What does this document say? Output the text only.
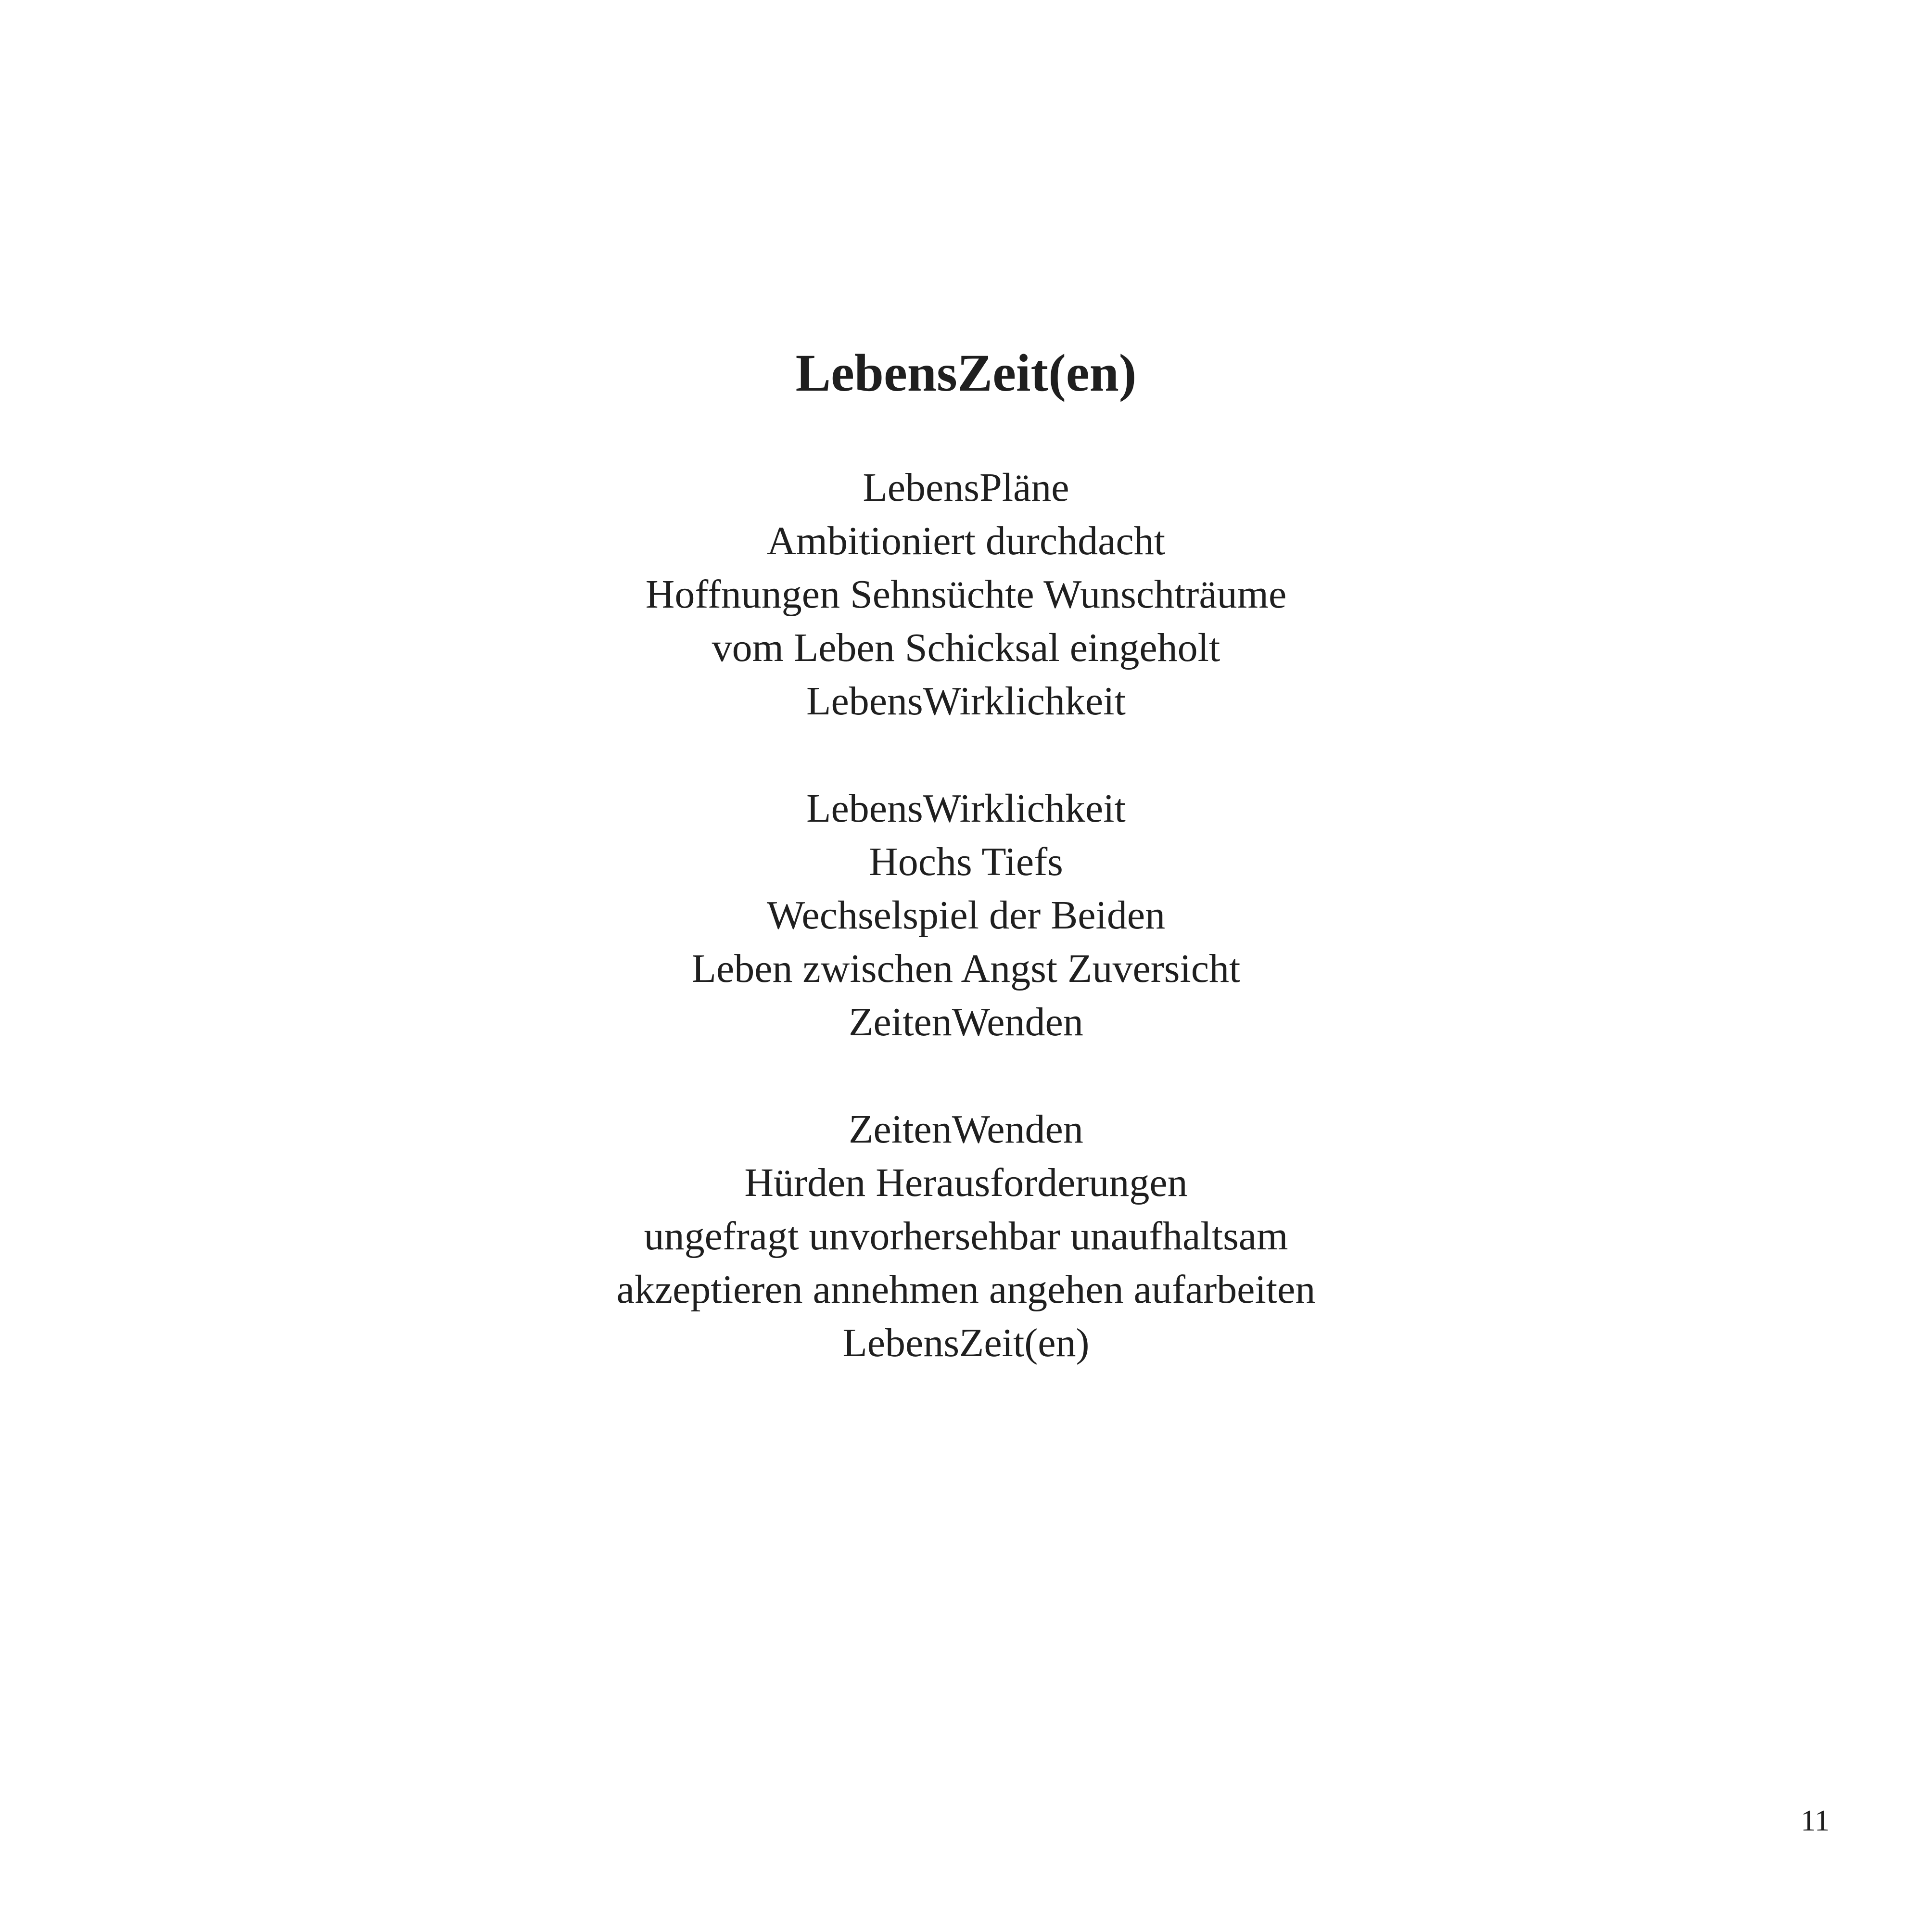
LebensZeit(en)
LebensPläne
Ambitioniert durchdacht
Hoffnungen Sehnsüchte Wunschträume
vom Leben Schicksal eingeholt
LebensWirklichkeit
LebensWirklichkeit
Hochs Tiefs
Wechselspiel der Beiden
Leben zwischen Angst Zuversicht
ZeitenWenden
ZeitenWenden
Hürden Herausforderungen
ungefragt unvorhersehbar unaufhaltsam
akzeptieren annehmen angehen aufarbeiten
LebensZeit(en)
11
